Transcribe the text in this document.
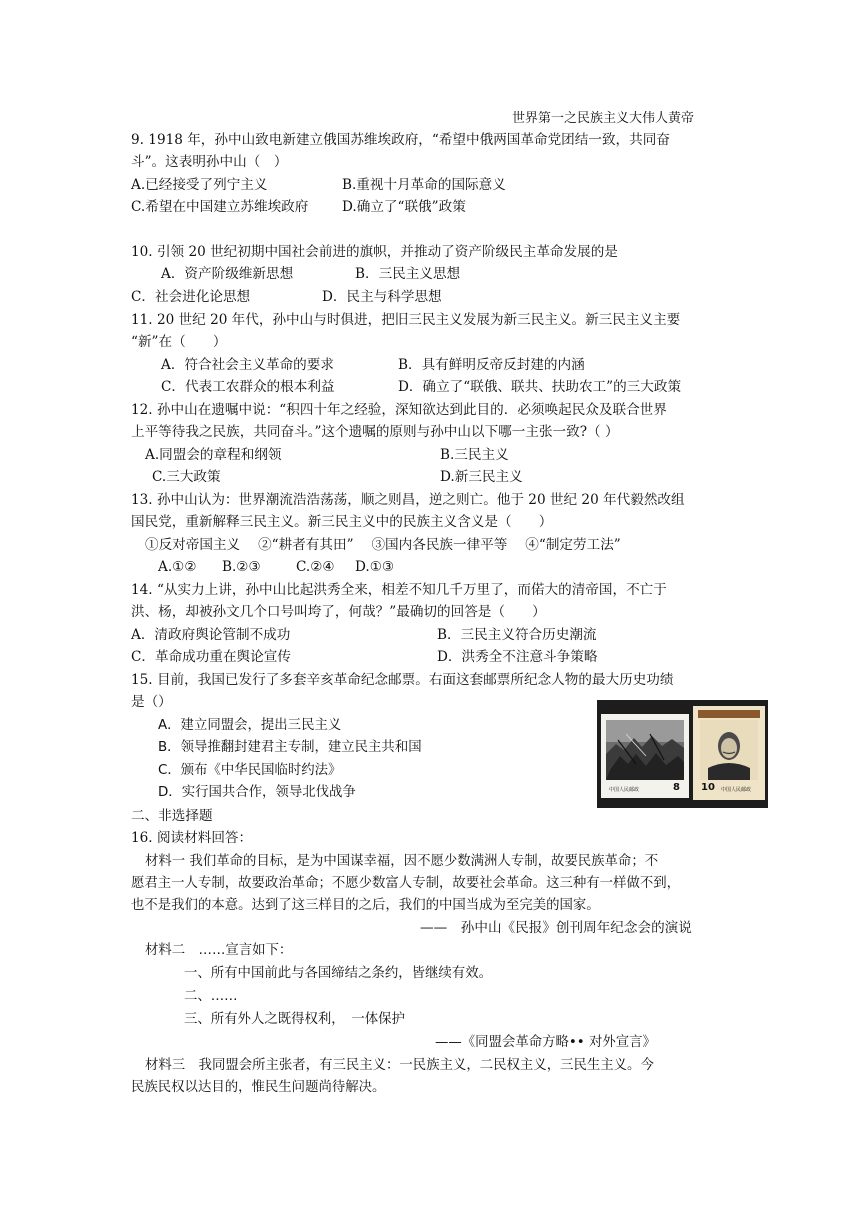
世界第一之民族主义大伟人黄帝
9. 1918 年，孙中山致电新建立俄国苏维埃政府，“希望中俄两国革命党团结一致，共同奋
斗”。这表明孙中山（　）
A.已经接受了列宁主义	B.重视十月革命的国际意义
C.希望在中国建立苏维埃政府 D.确立了“联俄”政策
10. 引领 20 世纪初期中国社会前进的旗帜，并推动了资产阶级民主革命发展的是
A．资产阶级维新思想	B．三民主义思想
C．社会进化论思想	D．民主与科学思想
11. 20 世纪 20 年代，孙中山与时俱进，把旧三民主义发展为新三民主义。新三民主义主要
“新”在（　　）
A．符合社会主义革命的要求	B．具有鲜明反帝反封建的内涵
C．代表工农群众的根本利益	D．确立了“联俄、联共、扶助农工”的三大政策
12. 孙中山在遗嘱中说：“积四十年之经验，深知欲达到此目的．必须唤起民众及联合世界
上平等待我之民族，共同奋斗。”这个遗嘱的原则与孙中山以下哪一主张一致?（ ）
A.同盟会的章程和纲领	B.三民主义
C.三大政策	D.新三民主义
13. 孙中山认为：世界潮流浩浩荡荡，顺之则昌，逆之则亡。他于 20 世纪 20 年代毅然改组
国民党，重新解释三民主义。新三民主义中的民族主义含义是（　　）
①反对帝国主义　 ②“耕者有其田”　 ③国内各民族一律平等　 ④“制定劳工法”
A.①② B.②③	C.②④ D.①③
14. “从实力上讲，孙中山比起洪秀全来，相差不知几千万里了，而偌大的清帝国，不亡于
洪、杨，却被孙文几个口号叫垮了，何哉？”最确切的回答是（　　）
A．清政府舆论管制不成功	B．三民主义符合历史潮流
C．革命成功重在舆论宣传	D．洪秀全不注意斗争策略
15. 目前，我国已发行了多套辛亥革命纪念邮票。右面这套邮票所纪念人物的最大历史功绩
是（）
A．建立同盟会，提出三民主义
B．领导推翻封建君主专制，建立民主共和国
C．颁布《中华民国临时约法》
D．实行国共合作，领导北伐战争	中国人民邮政	8 10 中国人民邮政
二、非选择题
16. 阅读材料回答：
材料一 我们革命的目标，是为中国谋幸福，因不愿少数满洲人专制，故要民族革命；不
愿君主一人专制，故要政治革命；不愿少数富人专制，故要社会革命。这三种有一样做不到，
也不是我们的本意。达到了这三样目的之后，我们的中国当成为至完美的国家。
——　孙中山《民报》创刊周年纪念会的演说
材料二　……宣言如下：
一、所有中国前此与各国缔结之条约，皆继续有效。
二、……
三、所有外人之既得权利，　一体保护
——《同盟会革命方略•• 对外宣言》
材料三　我同盟会所主张者，有三民主义：一民族主义，二民权主义，三民生主义。今
民族民权以达目的，惟民生问题尚待解决。
